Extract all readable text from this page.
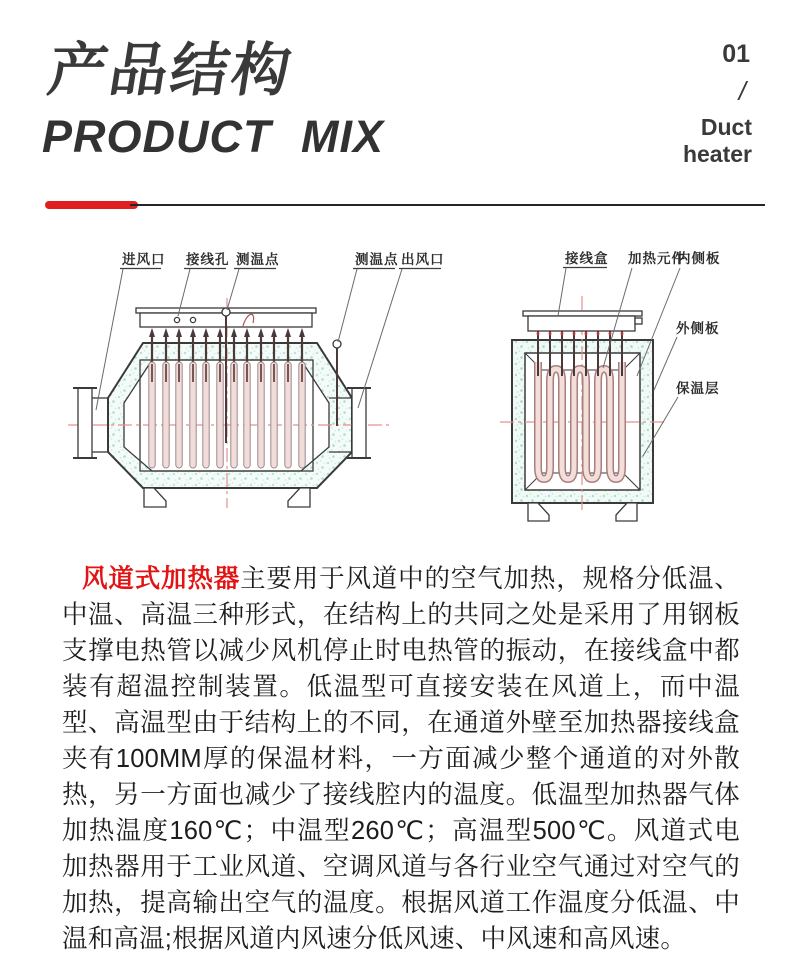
产品结构
PRODUCT MIX
01
/
Duct
heater
进风口 接线孔 测温点	测温点 出风口	接线盒 加热元件
内侧板
外侧板
保温层

风道式加热器主要用于风道中的空气加热，规格分低温、中温、高温三种形式，在结构上的共同之处是采用了用钢板支撑电热管以减少风机停止时电热管的振动，在接线盒中都装有超温控制装置。低温型可直接安装在风道上，而中温型、高温型由于结构上的不同，在通道外壁至加热器接线盒夹有100MM厚的保温材料，一方面减少整个通道的对外散热，另一方面也减少了接线腔内的温度。低温型加热器气体加热温度160℃；中温型260℃；高温型500℃。风道式电加热器用于工业风道、空调风道与各行业空气通过对空气的加热，提高输出空气的温度。根据风道工作温度分低温、中温和高温;根据风道内风速分低风速、中风速和高风速。
